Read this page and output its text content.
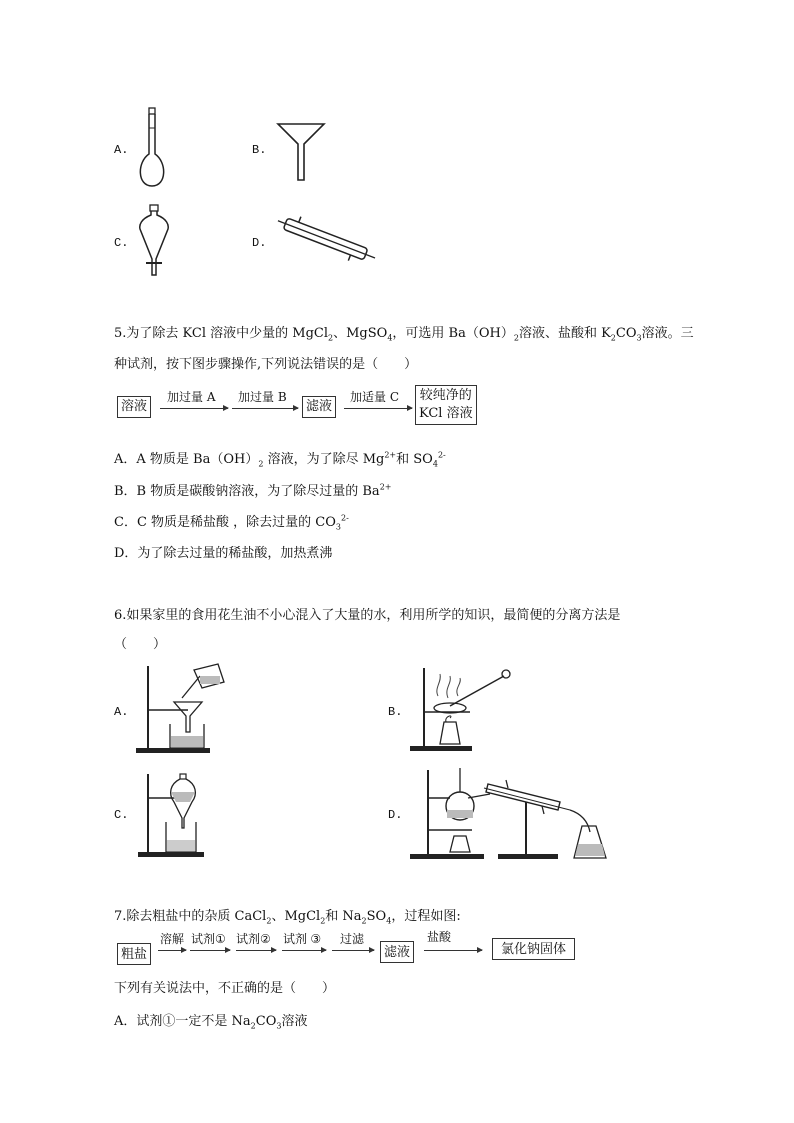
A.	B.
C.	D.
5.为了除去 KCl 溶液中少量的 MgCl$_2$、MgSO$_4$，可选用 $Ba(OH)_2$溶液、盐酸和 $K_2CO_3$溶液。三
种试剂，按下图步骤操作,下列说法错误的是（　　）
溶液
加过量 A 加过量 B
滤液
加适量 C 较纯净的
KCl 溶液
A．A 物质是 $Ba(OH)_2$ 溶液，为了除尽 $Mg^{2+}$和 $SO_4^{2-}$
B．B 物质是碳酸钠溶液，为了除尽过量的 $Ba^{2+}$
C．C 物质是稀盐酸 ，除去过量的 $CO_3^{2-}$
D．为了除去过量的稀盐酸，加热煮沸
6.如果家里的食用花生油不小心混入了大量的水，利用所学的知识，最简便的分离方法是
（　　）
A.	B.
C.	D.
7.除去粗盐中的杂质 CaCl$_2$、MgCl$_2$和 $Na_2SO_4$，过程如图:
粗盐
溶解 试剂① 试剂② 试剂 ③ 过滤
滤液
盐酸
氯化钠固体
下列有关说法中，不正确的是（　　）
A．试剂①一定不是 $Na_2CO_3$溶液
